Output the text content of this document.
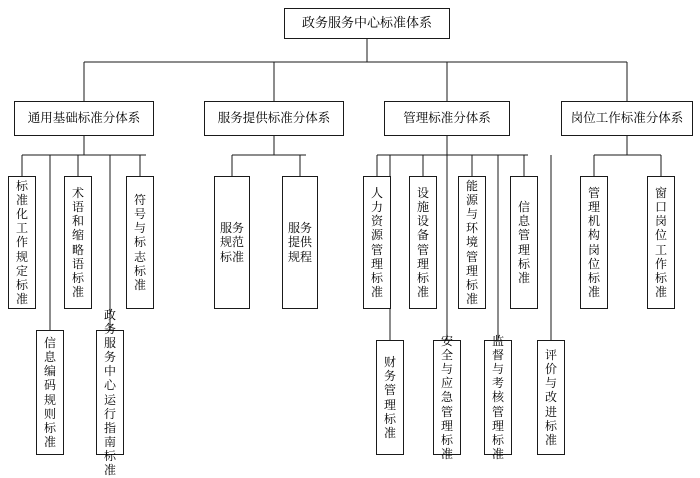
政务服务中心标准体系
通用基础标准分体系	服务提供标准分体系	管理标准分体系	岗位工作标准分体系
标准化工作规定标准
术语和缩略语标准
符号与标志标准
信息编码规则标准
政务服务中心运行指南标准
服务规范标准
服务提供规程
人力资源管理标准
设施设备管理标准
能源与环境管理标准
信息管理标准
财务管理标准
安全与应急管理标准
监督与考核管理标准
评价与改进标准
管理机构岗位标准
窗口岗位工作标准
